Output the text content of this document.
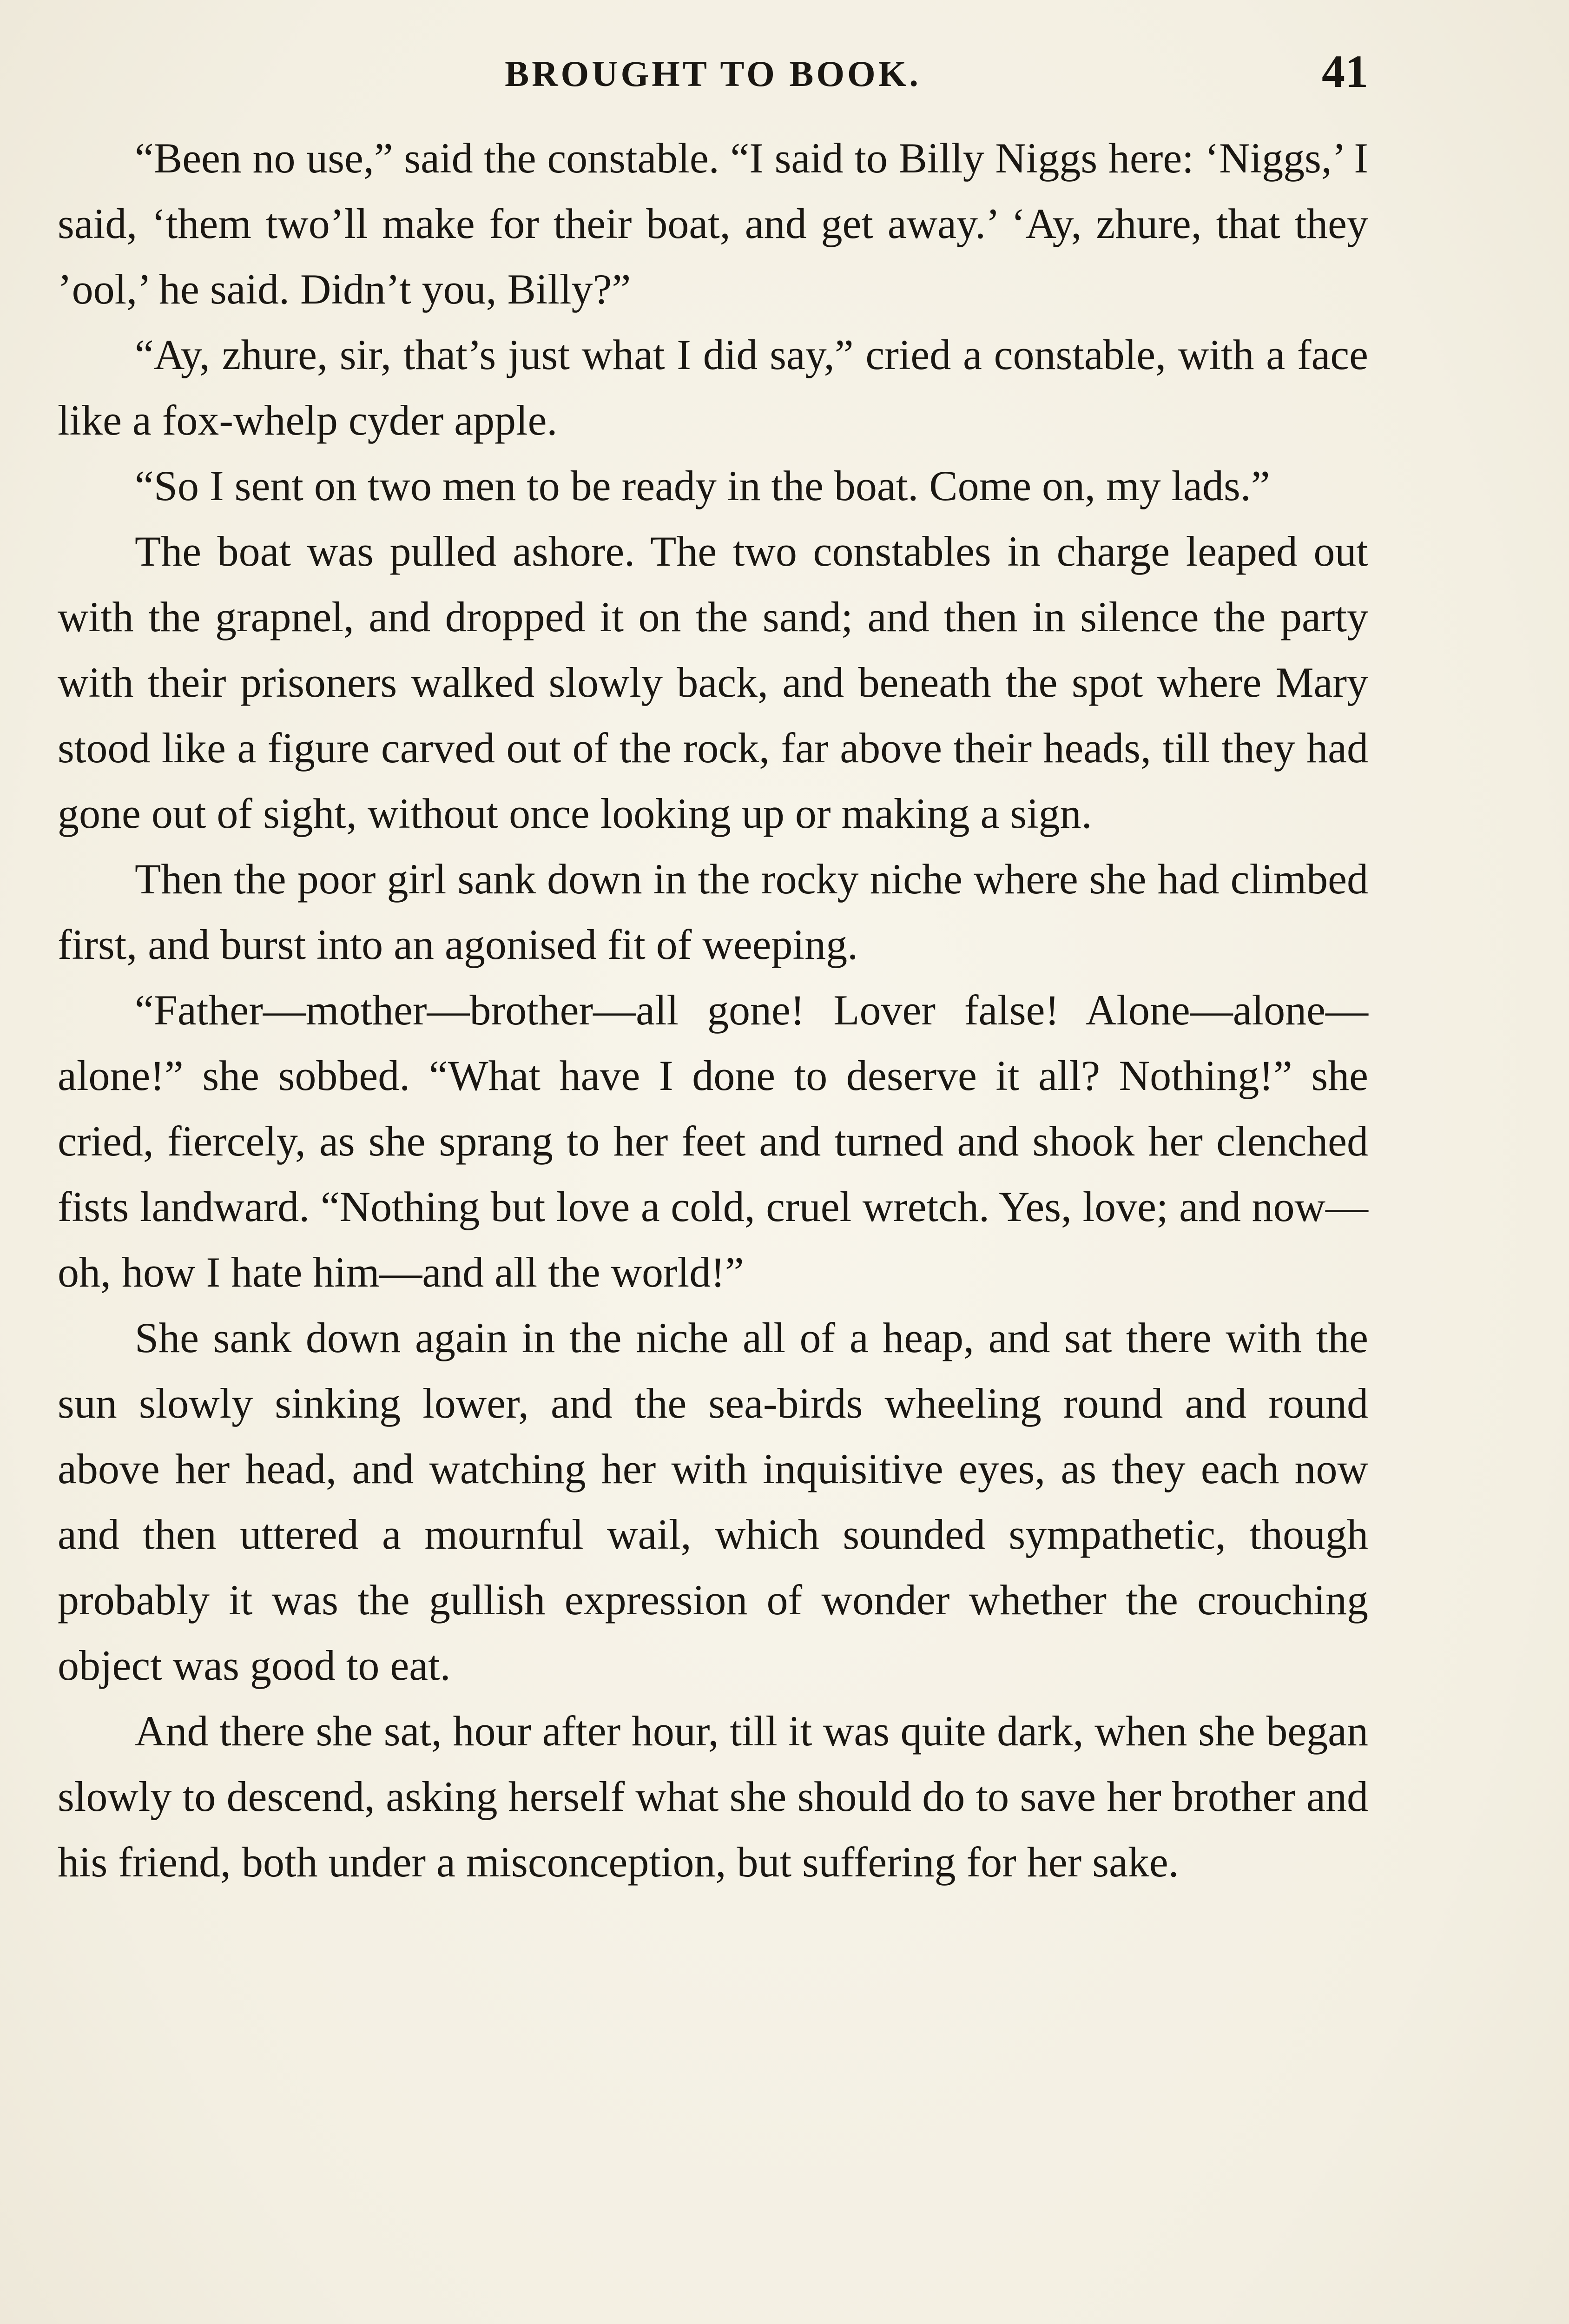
BROUGHT TO BOOK.	41

“Been no use,” said the constable. “I said to Billy Niggs here: ‘Niggs,’ I said, ‘them two’ll make for their boat, and get away.’ ‘Ay, zhure, that they ’ool,’ he said. Didn’t you, Billy?”

“Ay, zhure, sir, that’s just what I did say,” cried a constable, with a face like a fox-whelp cyder apple.

“So I sent on two men to be ready in the boat. Come on, my lads.”

The boat was pulled ashore. The two constables in charge leaped out with the grapnel, and dropped it on the sand; and then in silence the party with their prisoners walked slowly back, and beneath the spot where Mary stood like a figure carved out of the rock, far above their heads, till they had gone out of sight, without once looking up or making a sign.

Then the poor girl sank down in the rocky niche where she had climbed first, and burst into an agonised fit of weeping.

“Father—mother—brother—all gone! Lover false! Alone—alone—alone!” she sobbed. “What have I done to deserve it all? Nothing!” she cried, fiercely, as she sprang to her feet and turned and shook her clenched fists landward. “Nothing but love a cold, cruel wretch. Yes, love; and now—oh, how I hate him—and all the world!”

She sank down again in the niche all of a heap, and sat there with the sun slowly sinking lower, and the sea-birds wheeling round and round above her head, and watching her with inquisitive eyes, as they each now and then uttered a mournful wail, which sounded sympathetic, though probably it was the gullish expression of wonder whether the crouching object was good to eat.

And there she sat, hour after hour, till it was quite dark, when she began slowly to descend, asking herself what she should do to save her brother and his friend, both under a misconception, but suffering for her sake.
